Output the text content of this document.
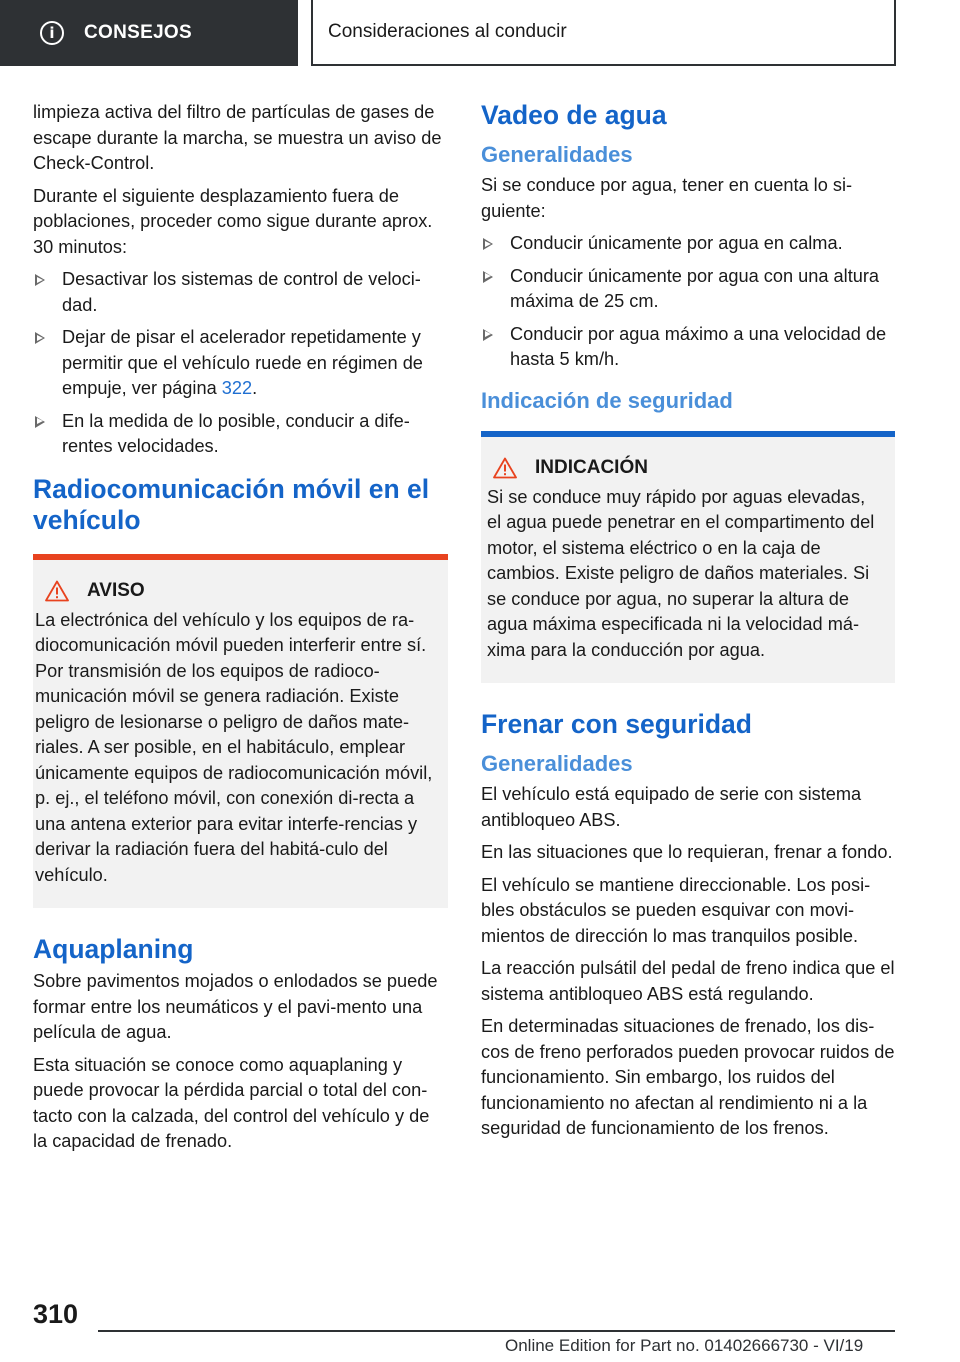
i	CONSEJOS	Consideraciones al conducir

limpieza activa del filtro de partículas de gases de escape durante la marcha, se muestra un aviso de Check-Control.

Durante el siguiente desplazamiento fuera de poblaciones, proceder como sigue durante aprox. 30 minutos:

Desactivar los sistemas de control de veloci-dad.
Dejar de pisar el acelerador repetidamente y permitir que el vehículo ruede en régimen de empuje, ver página 322.
En la medida de lo posible, conducir a dife-rentes velocidades.
Radiocomunicación móvil en el vehículo
AVISO
La electrónica del vehículo y los equipos de ra-diocomunicación móvil pueden interferir entre sí. Por transmisión de los equipos de radioco-municación móvil se genera radiación. Existe peligro de lesionarse o peligro de daños mate-riales. A ser posible, en el habitáculo, emplear únicamente equipos de radiocomunicación móvil, p. ej., el teléfono móvil, con conexión di-recta a una antena exterior para evitar interfe-rencias y derivar la radiación fuera del habitá-culo del vehículo.
Aquaplaning

Sobre pavimentos mojados o enlodados se puede formar entre los neumáticos y el pavi-mento una película de agua.

Esta situación se conoce como aquaplaning y puede provocar la pérdida parcial o total del con-tacto con la calzada, del control del vehículo y de la capacidad de frenado.

Vadeo de agua
Generalidades

Si se conduce por agua, tener en cuenta lo si-guiente:

Conducir únicamente por agua en calma.
Conducir únicamente por agua con una altura máxima de 25 cm.
Conducir por agua máximo a una velocidad de hasta 5 km/h.
Indicación de seguridad
INDICACIÓN
Si se conduce muy rápido por aguas elevadas, el agua puede penetrar en el compartimento del motor, el sistema eléctrico o en la caja de cambios. Existe peligro de daños materiales. Si se conduce por agua, no superar la altura de agua máxima especificada ni la velocidad má-xima para la conducción por agua.
Frenar con seguridad
Generalidades

El vehículo está equipado de serie con sistema antibloqueo ABS.

En las situaciones que lo requieran, frenar a fondo.

El vehículo se mantiene direccionable. Los posi-bles obstáculos se pueden esquivar con movi-mientos de dirección lo mas tranquilos posible.

La reacción pulsátil del pedal de freno indica que el sistema antibloqueo ABS está regulando.

En determinadas situaciones de frenado, los dis-cos de freno perforados pueden provocar ruidos de funcionamiento. Sin embargo, los ruidos del funcionamiento no afectan al rendimiento ni a la seguridad de funcionamiento de los frenos.

310
Online Edition for Part no. 01402666730 - VI/19
